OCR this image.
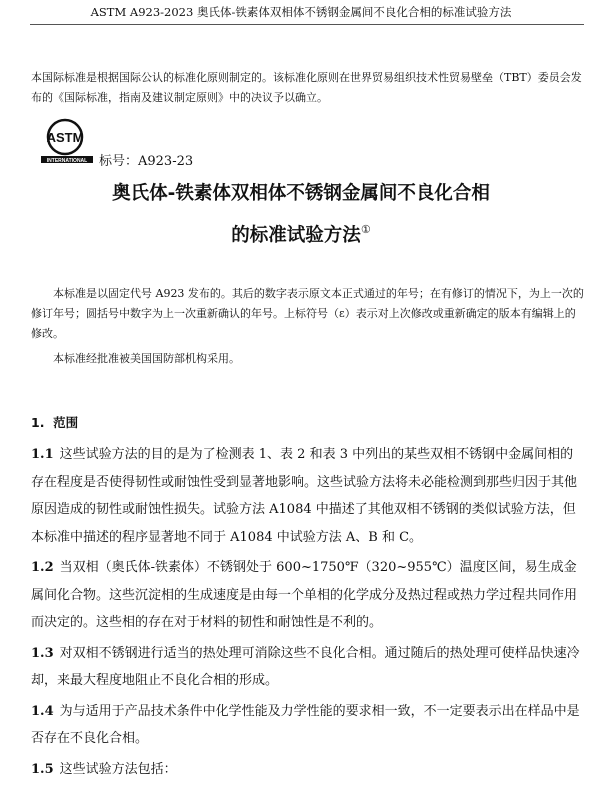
ASTM A923-2023 奥氏体-铁素体双相体不锈钢金属间不良化合相的标准试验方法
本国际标准是根据国际公认的标准化原则制定的。该标准化原则在世界贸易组织技术性贸易壁垒（TBT）委员会发布的《国际标准，指南及建议制定原则》中的决议予以确立。
ASTM
INTERNATIONAL 标号：A923-23
奥氏体-铁素体双相体不锈钢金属间不良化合相
的标准试验方法①

本标准是以固定代号 A923 发布的。其后的数字表示原文本正式通过的年号；在有修订的情况下，为上一次的修订年号；圆括号中数字为上一次重新确认的年号。上标符号（ε）表示对上次修改或重新确定的版本有编辑上的修改。

本标准经批准被美国国防部机构采用。

1. 范围

1.1 这些试验方法的目的是为了检测表 1、表 2 和表 3 中列出的某些双相不锈钢中金属间相的存在程度是否使得韧性或耐蚀性受到显著地影响。这些试验方法将未必能检测到那些归因于其他原因造成的韧性或耐蚀性损失。试验方法 A1084 中描述了其他双相不锈钢的类似试验方法，但本标准中描述的程序显著地不同于 A1084 中试验方法 A、B 和 C。

1.2 当双相（奥氏体-铁素体）不锈钢处于 600~1750℉（320~955℃）温度区间，易生成金属间化合物。这些沉淀相的生成速度是由每一个单相的化学成分及热过程或热力学过程共同作用而决定的。这些相的存在对于材料的韧性和耐蚀性是不利的。

1.3 对双相不锈钢进行适当的热处理可消除这些不良化合相。通过随后的热处理可使样品快速冷却，来最大程度地阻止不良化合相的形成。

1.4 为与适用于产品技术条件中化学性能及力学性能的要求相一致，不一定要表示出在样品中是否存在不良化合相。

1.5 这些试验方法包括：
